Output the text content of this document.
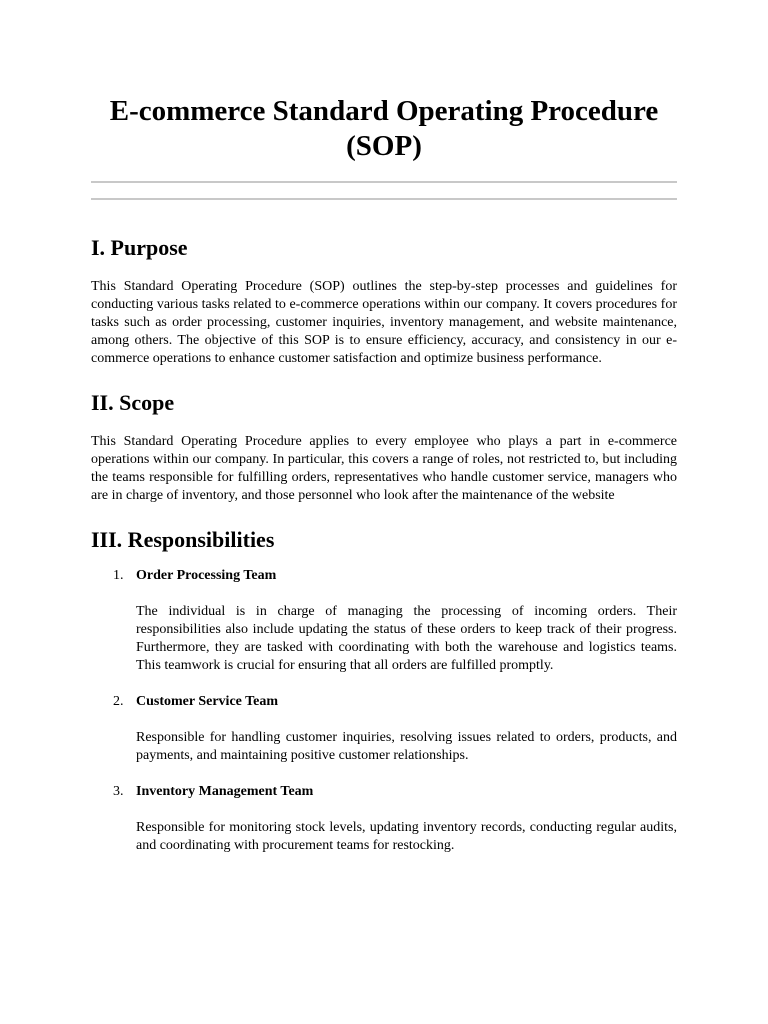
E-commerce Standard Operating Procedure (SOP)
I. Purpose

This Standard Operating Procedure (SOP) outlines the step-by-step processes and guidelines for conducting various tasks related to e-commerce operations within our company. It covers procedures for tasks such as order processing, customer inquiries, inventory management, and website maintenance, among others. The objective of this SOP is to ensure efficiency, accuracy, and consistency in our e-commerce operations to enhance customer satisfaction and optimize business performance.

II. Scope

This Standard Operating Procedure applies to every employee who plays a part in e-commerce operations within our company. In particular, this covers a range of roles, not restricted to, but including the teams responsible for fulfilling orders, representatives who handle customer service, managers who are in charge of inventory, and those personnel who look after the maintenance of the website

III. Responsibilities
1. Order Processing Team

The individual is in charge of managing the processing of incoming orders. Their responsibilities also include updating the status of these orders to keep track of their progress. Furthermore, they are tasked with coordinating with both the warehouse and logistics teams. This teamwork is crucial for ensuring that all orders are fulfilled promptly.

2. Customer Service Team

Responsible for handling customer inquiries, resolving issues related to orders, products, and payments, and maintaining positive customer relationships.

3. Inventory Management Team

Responsible for monitoring stock levels, updating inventory records, conducting regular audits, and coordinating with procurement teams for restocking.
